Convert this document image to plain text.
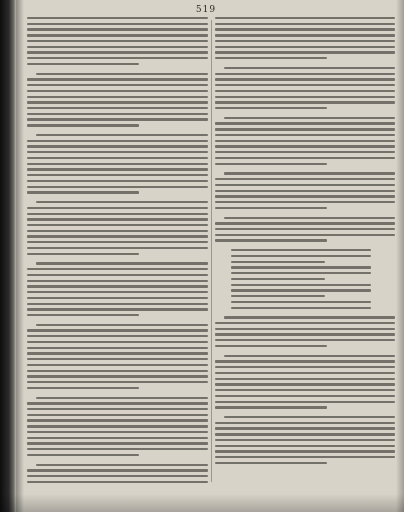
519
